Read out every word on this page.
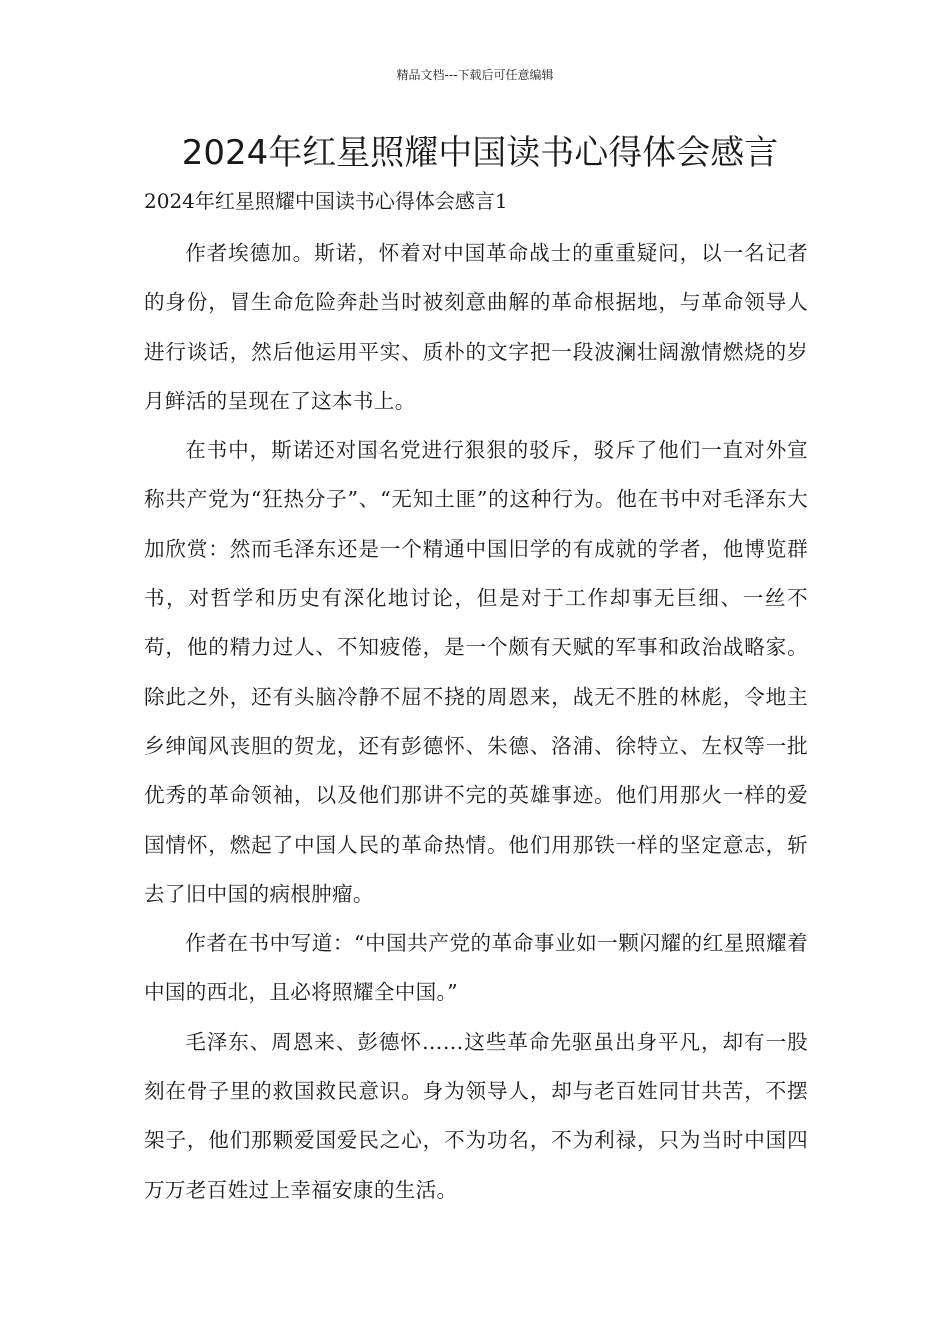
精品文档---下载后可任意编辑
2024年红星照耀中国读书心得体会感言
2024年红星照耀中国读书心得体会感言1

作者埃德加。斯诺，怀着对中国革命战士的重重疑问，以一名记者的身份，冒生命危险奔赴当时被刻意曲解的革命根据地，与革命领导人进行谈话，然后他运用平实、质朴的文字把一段波澜壮阔激情燃烧的岁月鲜活的呈现在了这本书上。

在书中，斯诺还对国名党进行狠狠的驳斥，驳斥了他们一直对外宣称共产党为“狂热分子”、“无知土匪”的这种行为。他在书中对毛泽东大加欣赏：然而毛泽东还是一个精通中国旧学的有成就的学者，他博览群书，对哲学和历史有深化地讨论，但是对于工作却事无巨细、一丝不苟，他的精力过人、不知疲倦，是一个颇有天赋的军事和政治战略家。除此之外，还有头脑冷静不屈不挠的周恩来，战无不胜的林彪，令地主乡绅闻风丧胆的贺龙，还有彭德怀、朱德、洛浦、徐特立、左权等一批优秀的革命领袖，以及他们那讲不完的英雄事迹。他们用那火一样的爱国情怀，燃起了中国人民的革命热情。他们用那铁一样的坚定意志，斩去了旧中国的病根肿瘤。

作者在书中写道：“中国共产党的革命事业如一颗闪耀的红星照耀着中国的西北，且必将照耀全中国。”

毛泽东、周恩来、彭德怀……这些革命先驱虽出身平凡，却有一股刻在骨子里的救国救民意识。身为领导人，却与老百姓同甘共苦，不摆架子，他们那颗爱国爱民之心，不为功名，不为利禄，只为当时中国四万万老百姓过上幸福安康的生活。
